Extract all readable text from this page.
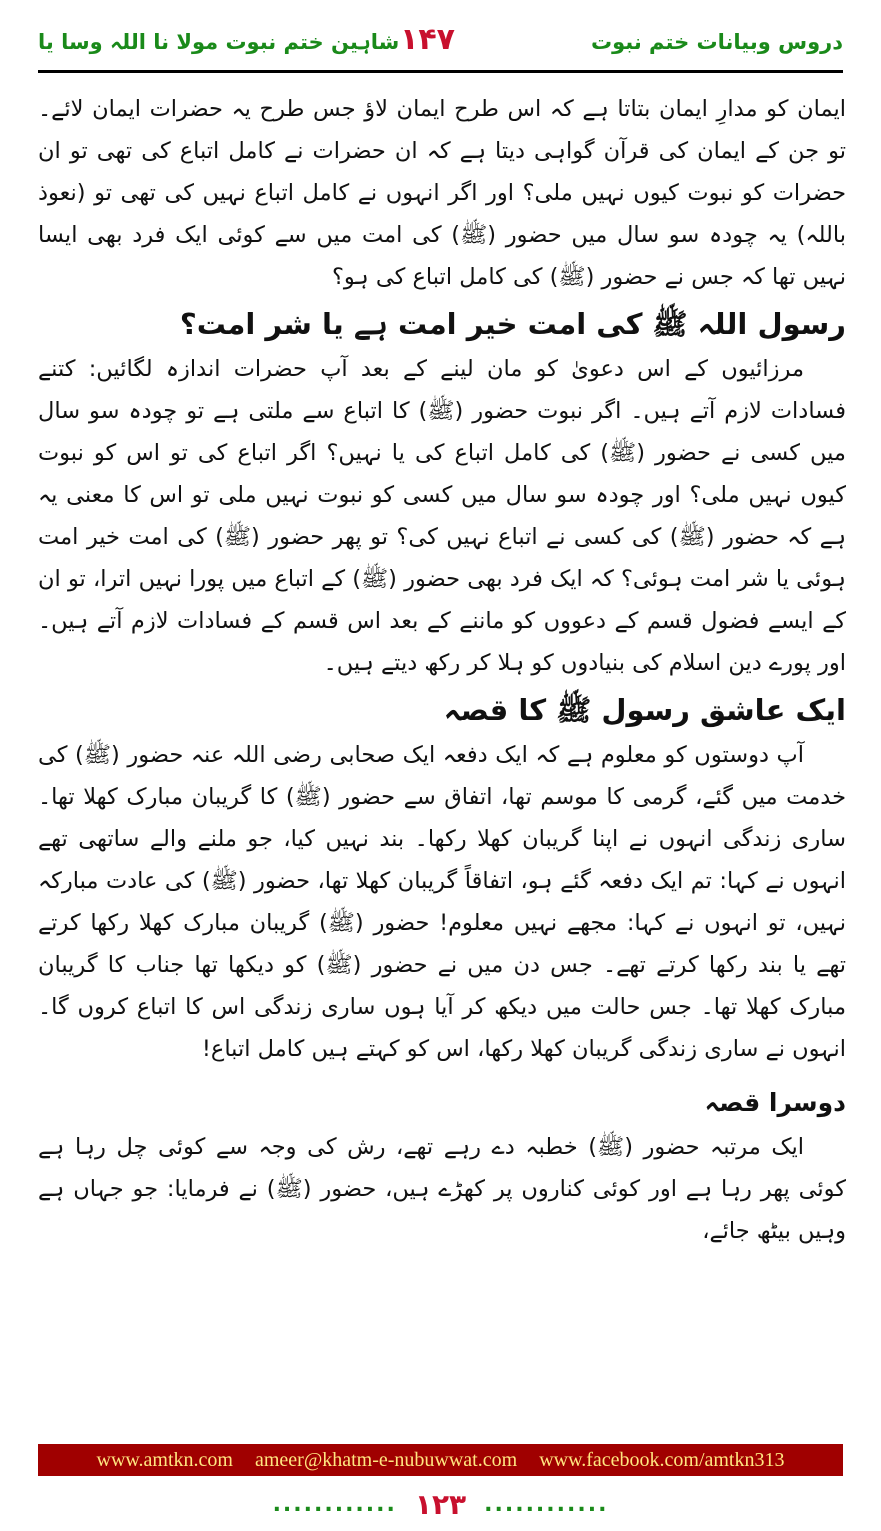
دروس وبیانات ختم نبوت
۱۴۷
شاہین ختم نبوت مولا نا اللہ وسا یا

ایمان کو مدارِ ایمان بتاتا ہے کہ اس طرح ایمان لاؤ جس طرح یہ حضرات ایمان لائے۔ تو جن کے ایمان کی قرآن گواہی دیتا ہے کہ ان حضرات نے کامل اتباع کی تھی تو ان حضرات کو نبوت کیوں نہیں ملی؟ اور اگر انہوں نے کامل اتباع نہیں کی تھی تو (نعوذ باللہ) یہ چودہ سو سال میں حضور (ﷺ) کی امت میں سے کوئی ایک فرد بھی ایسا نہیں تھا کہ جس نے حضور (ﷺ) کی کامل اتباع کی ہو؟

رسول اللہ ﷺ کی امت خیر امت ہے یا شر امت؟

مرزائیوں کے اس دعویٰ کو مان لینے کے بعد آپ حضرات اندازہ لگائیں: کتنے فسادات لازم آتے ہیں۔ اگر نبوت حضور (ﷺ) کا اتباع سے ملتی ہے تو چودہ سو سال میں کسی نے حضور (ﷺ) کی کامل اتباع کی یا نہیں؟ اگر اتباع کی تو اس کو نبوت کیوں نہیں ملی؟ اور چودہ سو سال میں کسی کو نبوت نہیں ملی تو اس کا معنی یہ ہے کہ حضور (ﷺ) کی کسی نے اتباع نہیں کی؟ تو پھر حضور (ﷺ) کی امت خیر امت ہوئی یا شر امت ہوئی؟ کہ ایک فرد بھی حضور (ﷺ) کے اتباع میں پورا نہیں اترا، تو ان کے ایسے فضول قسم کے دعووں کو ماننے کے بعد اس قسم کے فسادات لازم آتے ہیں۔ اور پورے دین اسلام کی بنیادوں کو ہلا کر رکھ دیتے ہیں۔

ایک عاشق رسول ﷺ کا قصہ

آپ دوستوں کو معلوم ہے کہ ایک دفعہ ایک صحابی رضی اللہ عنہ حضور (ﷺ) کی خدمت میں گئے، گرمی کا موسم تھا، اتفاق سے حضور (ﷺ) کا گریبان مبارک کھلا تھا۔ ساری زندگی انہوں نے اپنا گریبان کھلا رکھا۔ بند نہیں کیا، جو ملنے والے ساتھی تھے انہوں نے کہا: تم ایک دفعہ گئے ہو، اتفاقاً گریبان کھلا تھا، حضور (ﷺ) کی عادت مبارکہ نہیں، تو انہوں نے کہا: مجھے نہیں معلوم! حضور (ﷺ) گریبان مبارک کھلا رکھا کرتے تھے یا بند رکھا کرتے تھے۔ جس دن میں نے حضور (ﷺ) کو دیکھا تھا جناب کا گریبان مبارک کھلا تھا۔ جس حالت میں دیکھ کر آیا ہوں ساری زندگی اس کا اتباع کروں گا۔ انہوں نے ساری زندگی گریبان کھلا رکھا، اس کو کہتے ہیں کامل اتباع!

دوسرا قصہ

ایک مرتبہ حضور (ﷺ) خطبہ دے رہے تھے، رش کی وجہ سے کوئی چل رہا ہے کوئی پھر رہا ہے اور کوئی کناروں پر کھڑے ہیں، حضور (ﷺ) نے فرمایا: جو جہاں ہے وہیں بیٹھ جائے،

www.amtkn.com ameer@khatm-e-nubuwwat.com www.facebook.com/amtkn313
............ ۱۲۳ ............
